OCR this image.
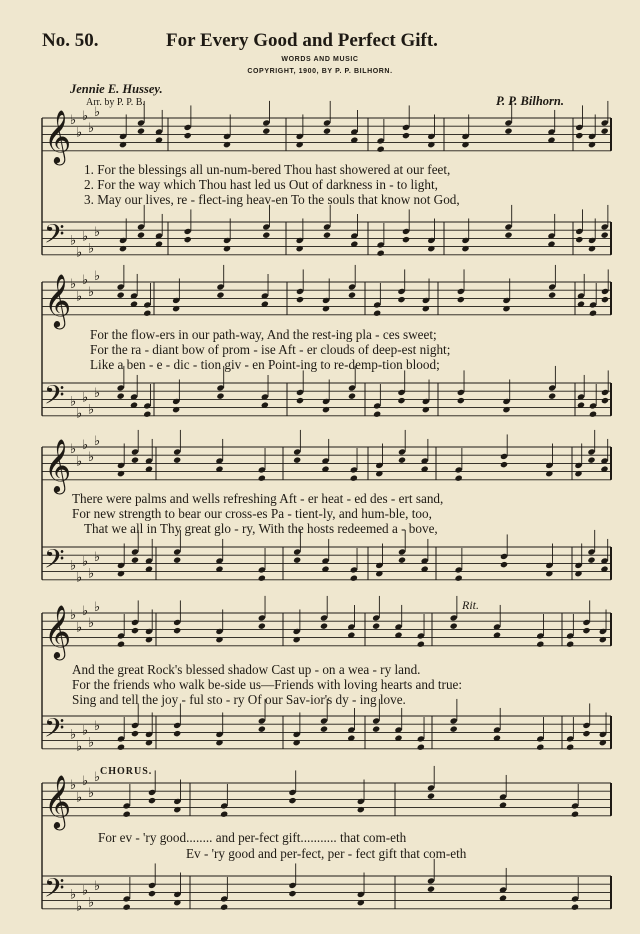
No. 50.	For Every Good and Perfect Gift.
WORDS AND MUSIC
COPYRIGHT, 1900, BY P. P. BILHORN.
Jennie E. Hussey.
Arr. by P. P. B.	P. P. Bilhorn.
𝄞
♭
♭
♭
♭
♭
𝄢 ♭
♭
♭
♭
♭
𝄞
♭
♭
♭
♭
♭
𝄢 ♭
♭
♭
♭
♭
𝄞
♭
♭
♭
♭
♭
𝄢 ♭
♭
♭
♭
♭
𝄞
♭
♭
♭
♭
♭
𝄢 ♭
♭
♭
♭
♭
𝄞
♭
♭
♭
♭
♭
𝄢 ♭
♭
♭
♭
♭
1. For the blessings all un-num-bered Thou hast showered at our feet,
2. For the way which Thou hast led us Out of darkness in - to light,
3. May our lives, re - flect-ing heav-en To the souls that know not God,
For the flow-ers in our path-way, And the rest-ing pla - ces sweet;
For the ra - diant bow of prom - ise Aft - er clouds of deep-est night;
Like a ben - e - dic - tion giv - en Point-ing to re-demp-tion blood;
There were palms and wells refreshing Aft - er heat - ed des - ert sand,
For new strength to bear our cross-es Pa - tient-ly, and hum-ble, too,
That we all in Thy great glo - ry, With the hosts redeemed a - bove,
Rit.
And the great Rock's blessed shadow Cast up - on a wea - ry land.
For the friends who walk be-side us—Friends with loving hearts and true:
Sing and tell the joy - ful sto - ry Of our Sav-ior's dy - ing love.
CHORUS.
For ev - 'ry good........ and per-fect gift........... that com-eth
Ev - 'ry good and per-fect, per - fect gift that com-eth
